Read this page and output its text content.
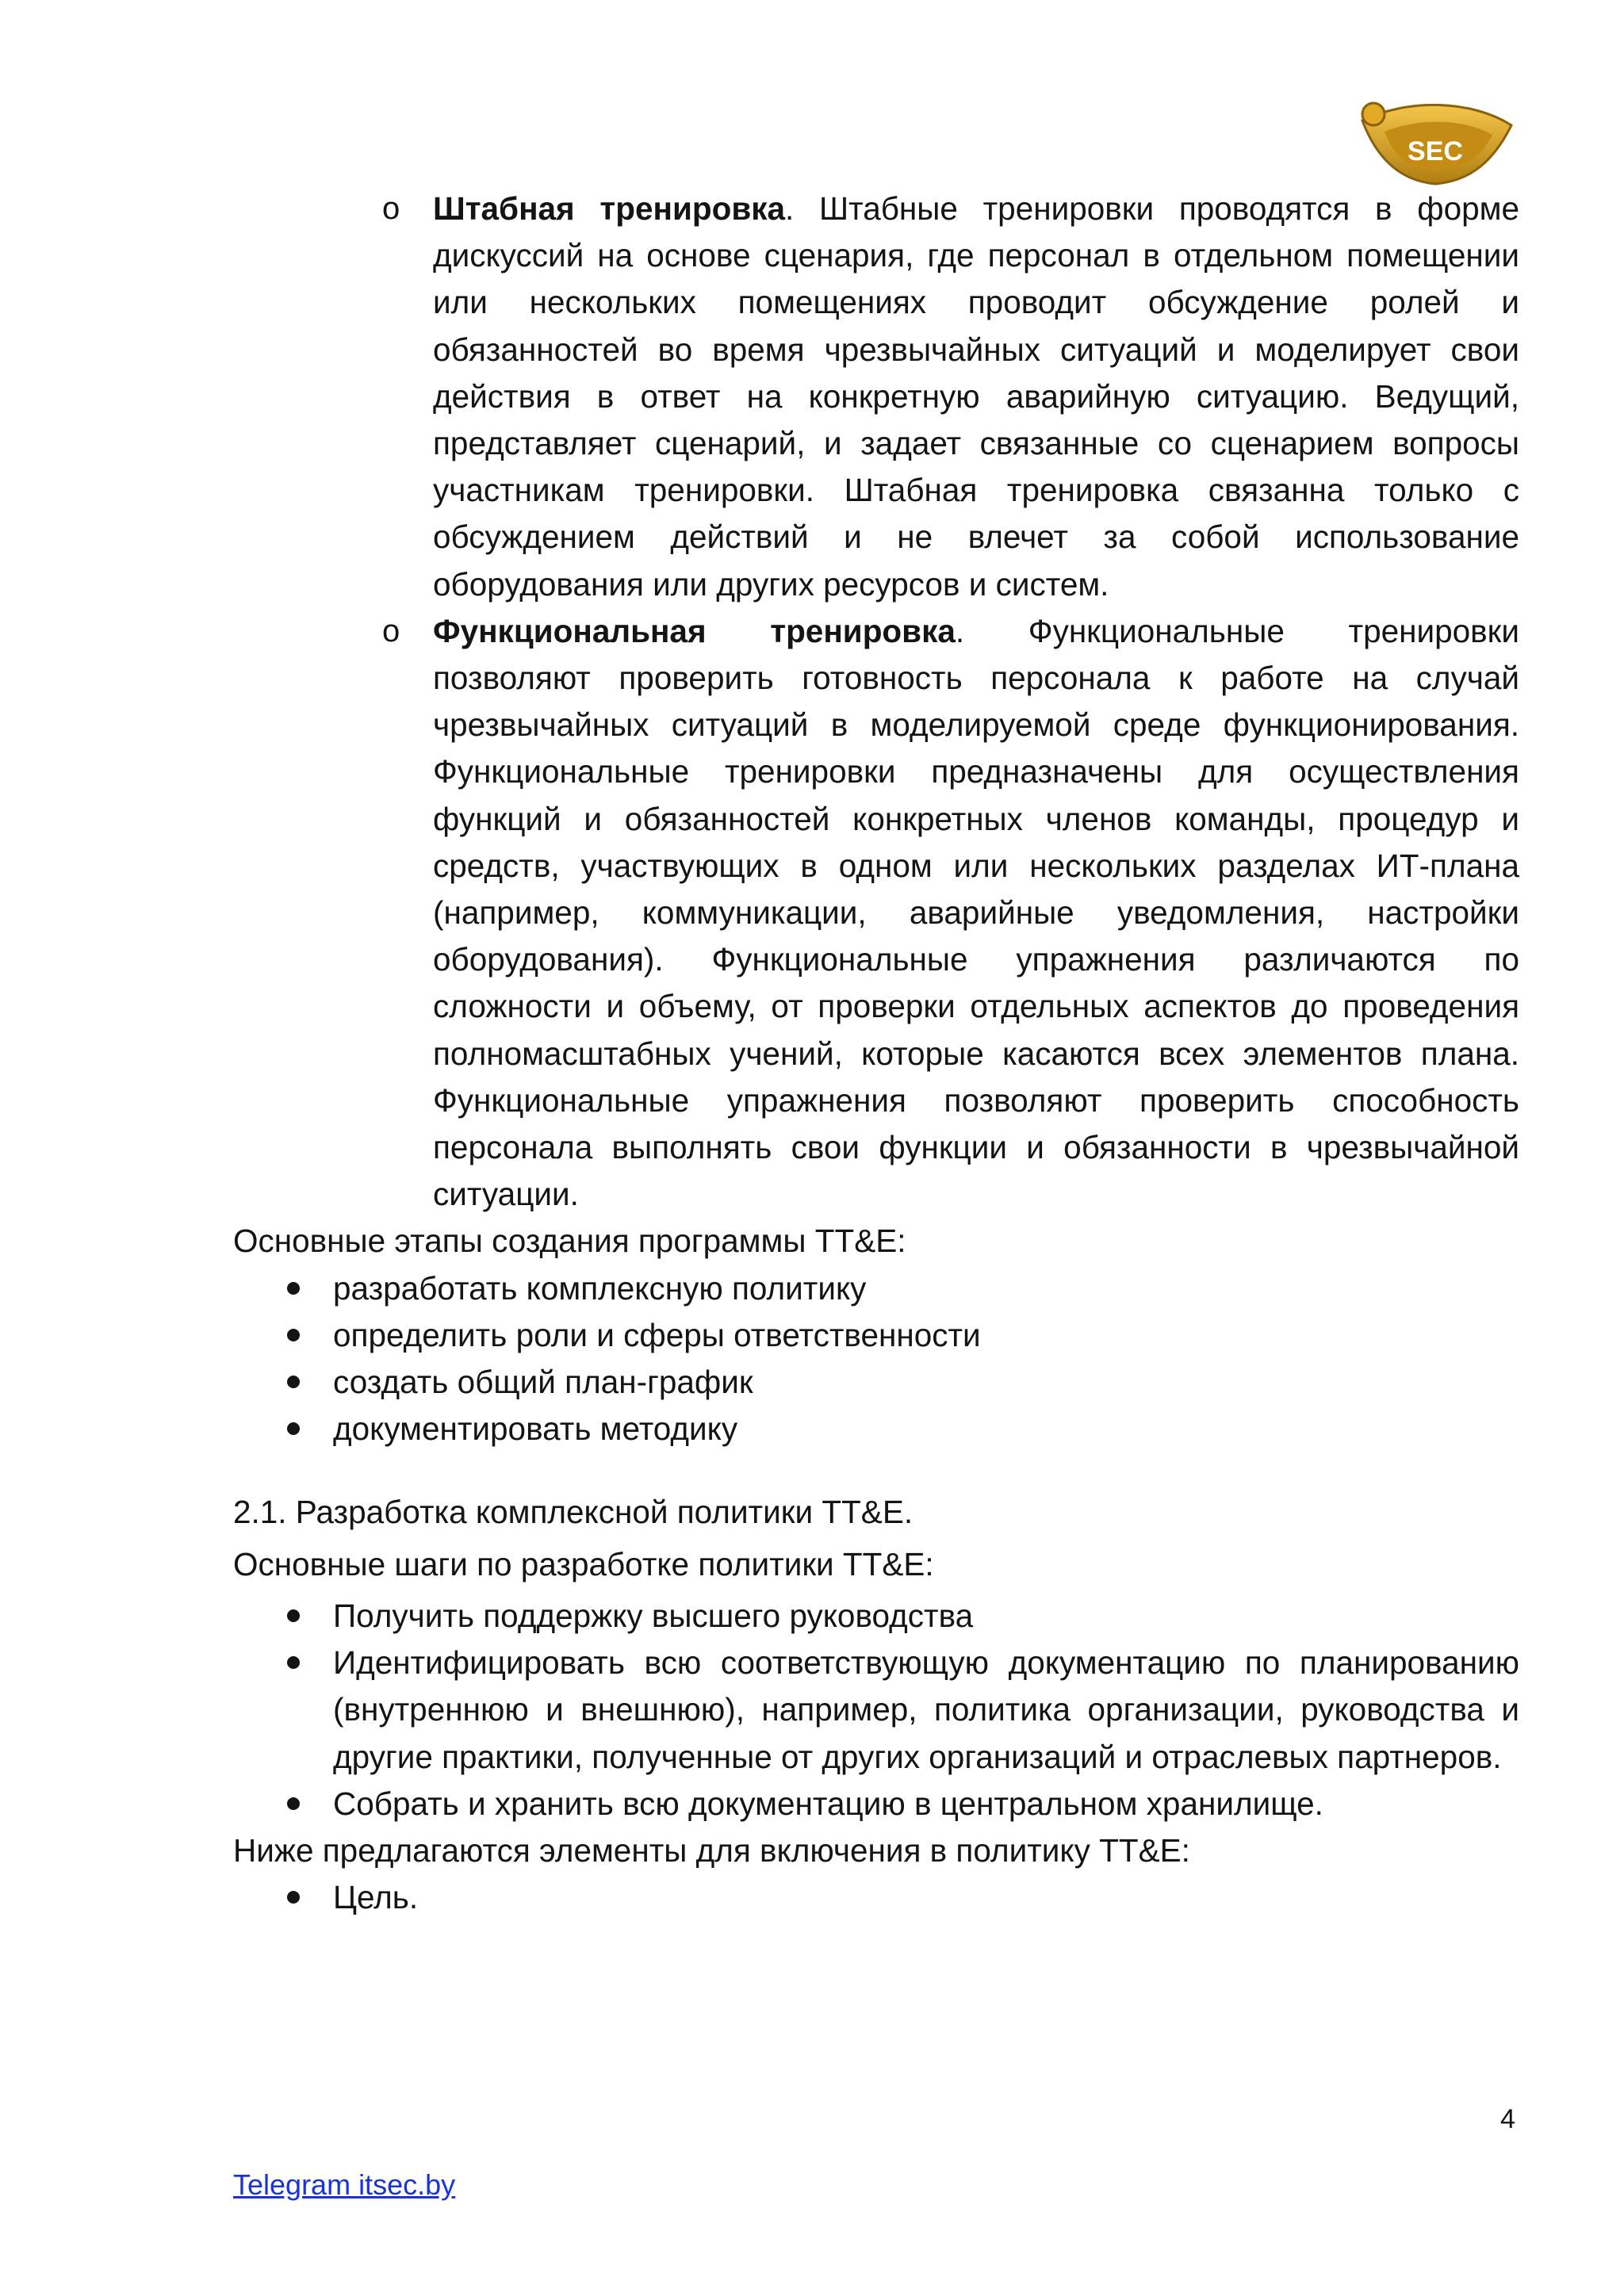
SEC
o Штабная тренировка. Штабные тренировки проводятся в форме дискуссий на основе сценария, где персонал в отдельном помещении или нескольких помещениях проводит обсуждение ролей и обязанностей во время чрезвычайных ситуаций и моделирует свои действия в ответ на конкретную аварийную ситуацию. Ведущий, представляет сценарий, и задает связанные со сценарием вопросы участникам тренировки. Штабная тренировка связанна только с обсуждением действий и не влечет за собой использование оборудования или других ресурсов и систем.
o Функциональная тренировка. Функциональные тренировки позволяют проверить готовность персонала к работе на случай чрезвычайных ситуаций в моделируемой среде функционирования. Функциональные тренировки предназначены для осуществления функций и обязанностей конкретных членов команды, процедур и средств, участвующих в одном или нескольких разделах ИТ-плана (например, коммуникации, аварийные уведомления, настройки оборудования). Функциональные упражнения различаются по сложности и объему, от проверки отдельных аспектов до проведения полномасштабных учений, которые касаются всех элементов плана. Функциональные упражнения позволяют проверить способность персонала выполнять свои функции и обязанности в чрезвычайной ситуации.

Основные этапы создания программы TT&E:

разработать комплексную политику
определить роли и сферы ответственности
создать общий план-график
документировать методику

2.1. Разработка комплексной политики TT&E.

Основные шаги по разработке политики TT&E:

Получить поддержку высшего руководства
Идентифицировать всю соответствующую документацию по планированию (внутреннюю и внешнюю), например, политика организации, руководства и другие практики, полученные от других организаций и отраслевых партнеров.
Собрать и хранить всю документацию в центральном хранилище.

Ниже предлагаются элементы для включения в политику TT&E:

Цель.
4
Telegram itsec.by
